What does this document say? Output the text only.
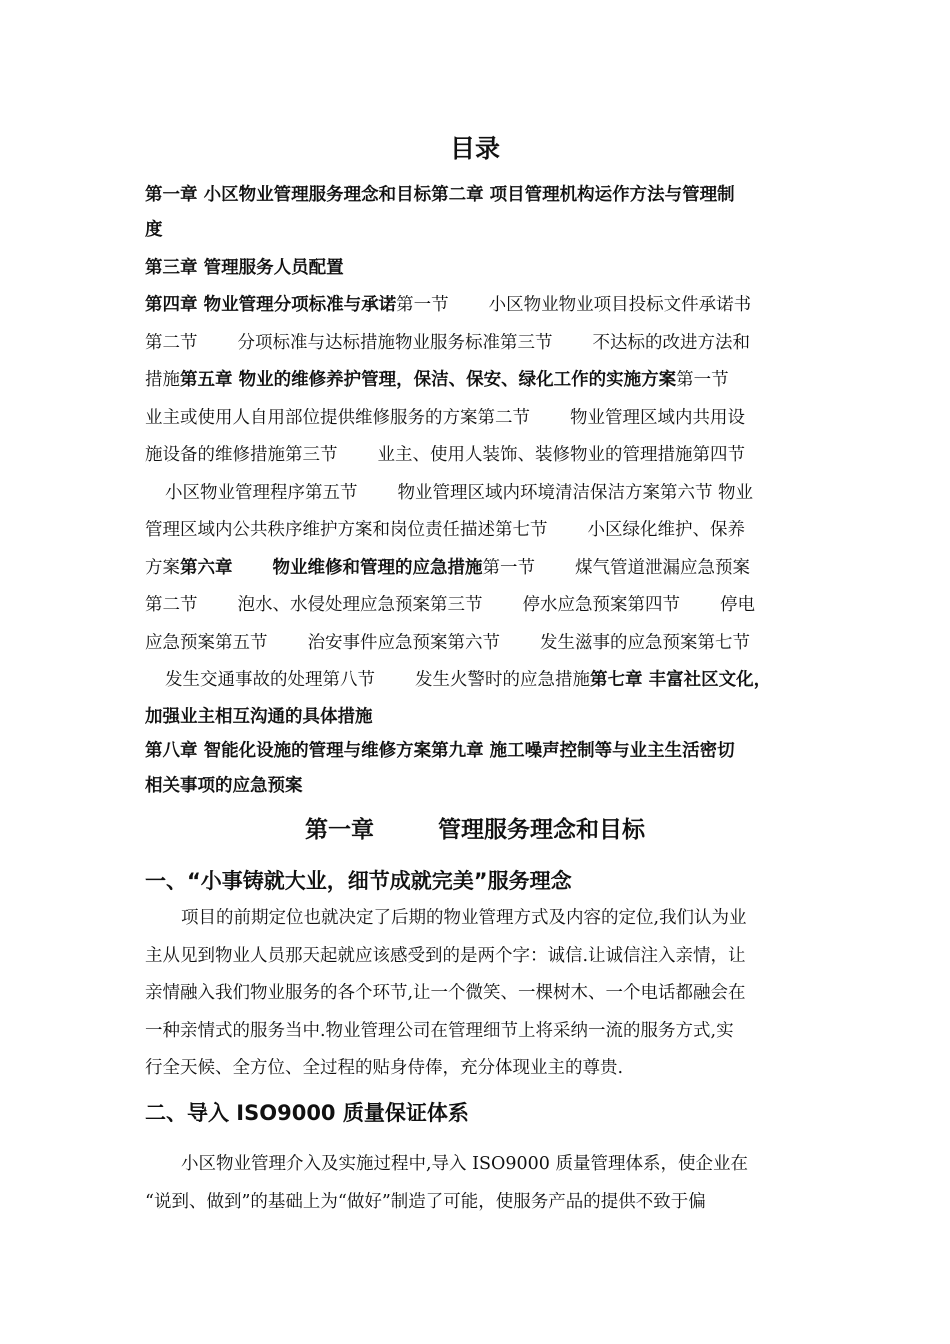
目录
第一章 小区物业管理服务理念和目标第二章 项目管理机构运作方法与管理制
度
第三章 管理服务人员配置
第四章 物业管理分项标准与承诺第一节 小区物业物业项目投标文件承诺书
第二节 分项标准与达标措施物业服务标准第三节 不达标的改进方法和
措施第五章 物业的维修养护管理，保洁、保安、绿化工作的实施方案第一节
业主或使用人自用部位提供维修服务的方案第二节 物业管理区域内共用设
施设备的维修措施第三节 业主、使用人装饰、装修物业的管理措施第四节
小区物业管理程序第五节 物业管理区域内环境清洁保洁方案第六节 物业
管理区域内公共秩序维护方案和岗位责任描述第七节 小区绿化维护、保养
方案第六章 物业维修和管理的应急措施第一节 煤气管道泄漏应急预案
第二节 泡水、水侵处理应急预案第三节 停水应急预案第四节 停电
应急预案第五节 治安事件应急预案第六节 发生滋事的应急预案第七节
发生交通事故的处理第八节 发生火警时的应急措施第七章 丰富社区文化，
加强业主相互沟通的具体措施
第八章 智能化设施的管理与维修方案第九章 施工噪声控制等与业主生活密切
相关事项的应急预案
第一章        管理服务理念和目标
一、“小事铸就大业，细节成就完美”服务理念
项目的前期定位也就决定了后期的物业管理方式及内容的定位,我们认为业
主从见到物业人员那天起就应该感受到的是两个字：诚信.让诚信注入亲情，让
亲情融入我们物业服务的各个环节,让一个微笑、一棵树木、一个电话都融会在
一种亲情式的服务当中.物业管理公司在管理细节上将采纳一流的服务方式,实
行全天候、全方位、全过程的贴身侍俸，充分体现业主的尊贵.
二、导入 ISO9000 质量保证体系
小区物业管理介入及实施过程中,导入 ISO9000 质量管理体系，使企业在
“说到、做到”的基础上为“做好”制造了可能，使服务产品的提供不致于偏
